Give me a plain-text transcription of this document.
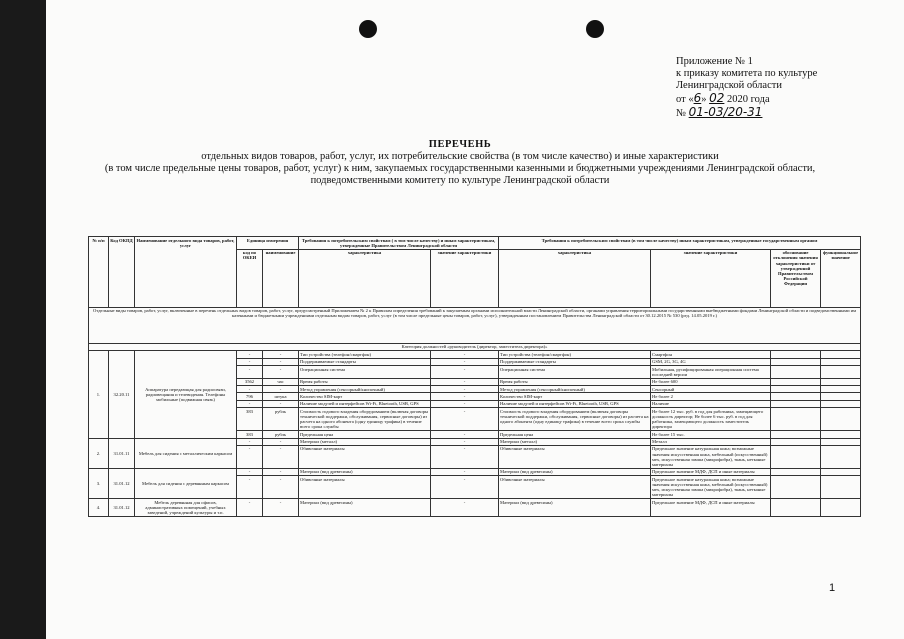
Приложение № 1
к приказу комитета по культуре
Ленинградской области
от «6» 02 2020 года
№ 01-03/20-31
ПЕРЕЧЕНЬ
отдельных видов товаров, работ, услуг, их потребительские свойства (в том числе качество) и иные характеристики
(в том числе предельные цены товаров, работ, услуг) к ним, закупаемых государственными казенными и бюджетными учреждениями Ленинградской области,
подведомственными комитету по культуре Ленинградской области
№ п/п	Код ОКПД	Наименование отдельного вида товаров, работ, услуг	Единица измерения		Требования к потребительским свойствам ( в том числе качеству) и иным характеристикам, утвержденные Правительством Ленинградской области		Требования к потребительским свойствам (в том числе качеству) иным характеристикам, утвержденные государственным органом			
			код по ОКЕИ	наименование	характеристика	значение характеристики	характеристика	значение характеристики	обоснование отклонения значения характеристики от утвержденной Правительством Российской Федерации	функциональное значение
Отдельные виды товаров, работ, услуг, включенные в перечень отдельных видов товаров, работ, услуг, предусмотренный Приложением № 2 к Правилам определения требований к закупаемым органами исполнительной власти Ленинградской области, органами управления территориальными государственными внебюджетными фондами Ленинградской области и подведомственными им казенными и бюджетными учреждениями отдельным видам товаров, работ, услуг (в том числе предельные цены товаров, работ, услуг), утвержденным постановлением Правительства Ленинградской области от 30.12.2015 № 530 (ред. 14.05.2019 г.)										
Категория должностей «руководитель (директор, заместитель директора)»										
1.	32.20.11	Аппаратура передающая для радиосвязи, радиовещания и телевидения. Телефоны мобильные (подвижная связь)	-	-	Тип устройства (телефон/смартфон)	-	Тип устройства (телефон/смартфон)	Смартфон		
			-	-	Поддерживаемые стандарты	-	Поддерживаемые стандарты	GSM, 2G, 3G, 4G		
			-	-	Операционная система	-	Операционная система	Мобильная, русифицированная операционная система последней версии		
			3562	час	Время работы	-	Время работы	Не более 600		
			-	-	Метод управления (сенсорный/кнопочный)	-	Метод управления (сенсорный/кнопочный)	Сенсорный		
			796	штука	Количество SIM-карт	-	Количество SIM-карт	Не более 2		
			-	-	Наличие модулей и интерфейсов Wi-Fi, Bluetooth, USB, GPS	-	Наличие модулей и интерфейсов Wi-Fi, Bluetooth, USB, GPS	Наличие		
			383	рубль	Стоимость годового владения оборудованием (включая договоры технической поддержки, обслуживания, сервисные договоры) из расчета на одного абонента (одну единицу трафика) в течение всего срока службы	-	Стоимость годового владения оборудованием (включая договоры технической поддержки, обслуживания, сервисные договоры) из расчета на одного абонента (одну единицу трафика) в течение всего срока службы	Не более 12 тыс. руб. в год для работника, замещающего должность директор; Не более 6 тыс. руб. в год для работника, замещающего должность заместитель директора		
			383	рубль	Предельная цена	-	Предельная цена	Не более 15 тыс.		
2.	31.01.11	Мебель для сидения с металлическим каркасом	-	-	Материал (металл)	-	Материал (металл)	Металл		
			-	-	Обивочные материалы	-	Обивочные материалы	Предельное значение натуральная кожа; возможные значения искусственная кожа, мебельный (искусственный) мех, искусственная замша (микрофибра), ткань, нетканые материалы		
3.	31.01.12	Мебель для сидения с деревянным каркасом	-	-	Материал (вид древесины)	-	Материал (вид древесины)	Предельное значение МДФ, ДСП и иные материалы		
			-	-	Обивочные материалы	-	Обивочные материалы	Предельное значение натуральная кожа; возможные значения искусственная кожа, мебельный (искусственный) мех, искусственная замша (микрофибра), ткань, нетканые материалы		
4.	31.01.12	Мебель деревянная для офисов, административных помещений, учебных заведений, учреждений культуры и т.п.	-	-	Материал (вид древесины)	-	Материал (вид древесины)	Предельное значение МДФ, ДСП и иные материалы		
1
